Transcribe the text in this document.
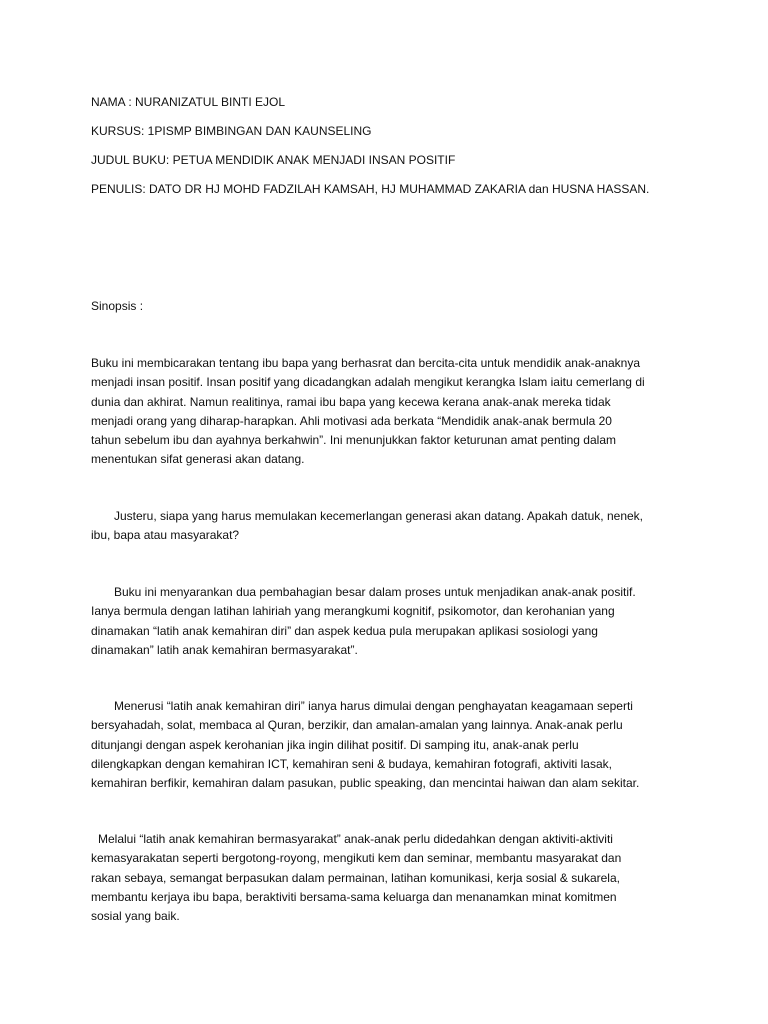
NAMA : NURANIZATUL BINTI EJOL
KURSUS: 1PISMP BIMBINGAN DAN KAUNSELING
JUDUL BUKU: PETUA MENDIDIK ANAK MENJADI INSAN POSITIF
PENULIS: DATO DR HJ MOHD FADZILAH KAMSAH, HJ MUHAMMAD ZAKARIA dan HUSNA HASSAN.
Sinopsis :
Buku ini membicarakan tentang ibu bapa yang berhasrat dan bercita-cita untuk mendidik anak-anaknya
menjadi insan positif. Insan positif yang dicadangkan adalah mengikut kerangka Islam iaitu cemerlang di
dunia dan akhirat. Namun realitinya, ramai ibu bapa yang kecewa kerana anak-anak mereka tidak
menjadi orang yang diharap-harapkan. Ahli motivasi ada berkata “Mendidik anak-anak bermula 20
tahun sebelum ibu dan ayahnya berkahwin”. Ini menunjukkan faktor keturunan amat penting dalam
menentukan sifat generasi akan datang.
Justeru, siapa yang harus memulakan kecemerlangan generasi akan datang. Apakah datuk, nenek,
ibu, bapa atau masyarakat?
Buku ini menyarankan dua pembahagian besar dalam proses untuk menjadikan anak-anak positif.
Ianya bermula dengan latihan lahiriah yang merangkumi kognitif, psikomotor, dan kerohanian yang
dinamakan “latih anak kemahiran diri” dan aspek kedua pula merupakan aplikasi sosiologi yang
dinamakan” latih anak kemahiran bermasyarakat”.
Menerusi “latih anak kemahiran diri” ianya harus dimulai dengan penghayatan keagamaan seperti
bersyahadah, solat, membaca al Quran, berzikir, dan amalan-amalan yang lainnya. Anak-anak perlu
ditunjangi dengan aspek kerohanian jika ingin dilihat positif. Di samping itu, anak-anak perlu
dilengkapkan dengan kemahiran ICT, kemahiran seni & budaya, kemahiran fotografi, aktiviti lasak,
kemahiran berfikir, kemahiran dalam pasukan, public speaking, dan mencintai haiwan dan alam sekitar.
Melalui “latih anak kemahiran bermasyarakat” anak-anak perlu didedahkan dengan aktiviti-aktiviti
kemasyarakatan seperti bergotong-royong, mengikuti kem dan seminar, membantu masyarakat dan
rakan sebaya, semangat berpasukan dalam permainan, latihan komunikasi, kerja sosial & sukarela,
membantu kerjaya ibu bapa, beraktiviti bersama-sama keluarga dan menanamkan minat komitmen
sosial yang baik.
